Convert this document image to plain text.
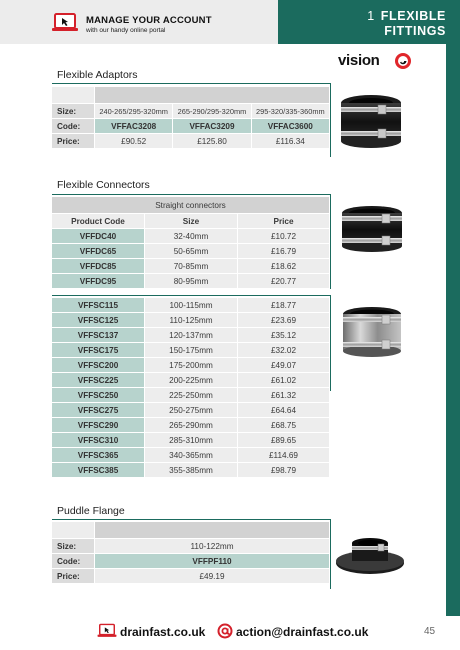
MANAGE YOUR ACCOUNT
with our handy online portal
1 FLEXIBLE
FITTINGS
vision
Flexible Adaptors

Size:	240-265/295-320mm	265-290/295-320mm	295-320/335-360mm
Code:	VFFAC3208	VFFAC3209	VFFAC3600
Price:	£90.52	£125.80	£116.34
Flexible Connectors
Straight connectors		
Product Code	Size	Price
VFFDC40	32-40mm	£10.72
VFFDC65	50-65mm	£16.79
VFFDC85	70-85mm	£18.62
VFFDC95	80-95mm	£20.77
VFFSC115	100-115mm	£18.77
VFFSC125	110-125mm	£23.69
VFFSC137	120-137mm	£35.12
VFFSC175	150-175mm	£32.02
VFFSC200	175-200mm	£49.07
VFFSC225	200-225mm	£61.02
VFFSC250	225-250mm	£61.32
VFFSC275	250-275mm	£64.64
VFFSC290	265-290mm	£68.75
VFFSC310	285-310mm	£89.65
VFFSC365	340-365mm	£114.69
VFFSC385	355-385mm	£98.79
Puddle Flange

Size:	110-122mm
Code:	VFFPF110
Price:	£49.19
drainfast.co.uk	action@drainfast.co.uk	45
